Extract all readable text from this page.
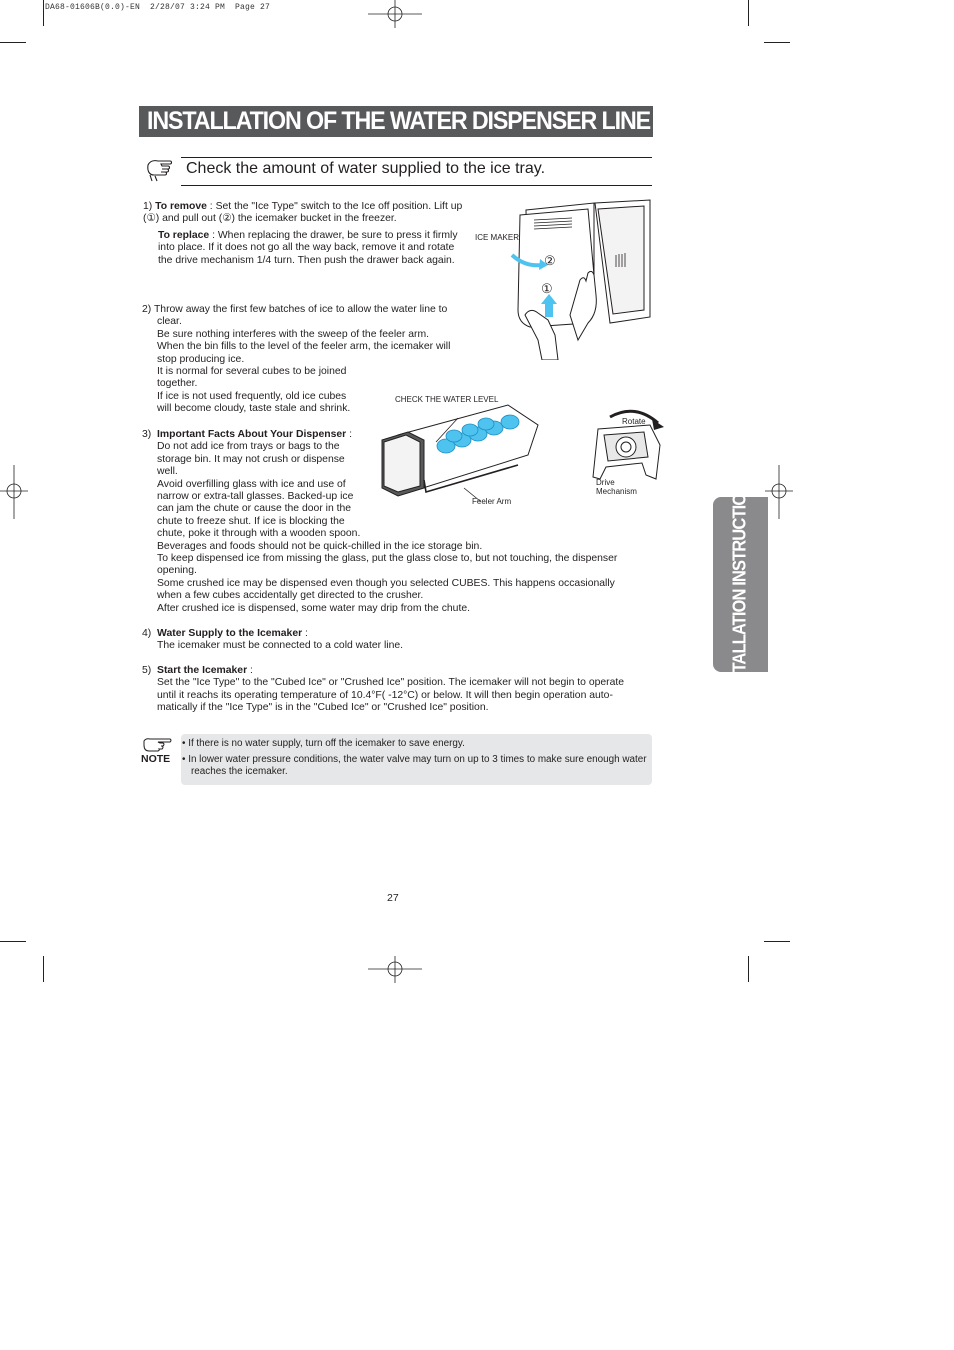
DA68-01606B(0.0)-EN  2/28/07 3:24 PM  Page 27
INSTALLATION OF THE WATER DISPENSER LINE
Check the amount of water supplied to the ice tray.

1) To remove : Set the "Ice Type" switch to the Ice off position. Lift up (①) and pull out (②) the icemaker bucket in the freezer.

To replace : When replacing the drawer, be sure to press it firmly into place. If it does not go all the way back, remove it and rotate the drive mechanism 1/4 turn. Then push the drawer back again.

2) Throw away the first few batches of ice to allow the water line to

clear.

Be sure nothing interferes with the sweep of the feeler arm.

When the bin fills to the level of the feeler arm, the icemaker will

stop producing ice.

It is normal for several cubes to be joined

together.

If ice is not used frequently, old ice cubes

will become cloudy, taste stale and shrink.

3) Important Facts About Your Dispenser :

Do not add ice from trays or bags to the

storage bin. It may not crush or dispense

well.

Avoid overfilling glass with ice and use of

narrow or extra-tall glasses. Backed-up ice

can jam the chute or cause the door in the

chute to freeze shut. If ice is blocking the

chute, poke it through with a wooden spoon.

Beverages and foods should not be quick-chilled in the ice storage bin.

To keep dispensed ice from missing the glass, put the glass close to, but not touching, the dispenser

opening.

Some crushed ice may be dispensed even though you selected CUBES. This happens occasionally

when a few cubes accidentally get directed to the crusher.

After crushed ice is dispensed, some water may drip from the chute.

4) Water Supply to the Icemaker :

The icemaker must be connected to a cold water line.

5) Start the Icemaker :

Set the "Ice Type" to the "Cubed Ice" or "Crushed Ice" position. The icemaker will not begin to operate

until it reachs its operating temperature of 10.4°F( -12°C) or below. It will then begin operation auto-

matically if the "Ice Type" is in the "Cubed Ice" or "Crushed Ice" position.

ICE MAKER
②
①
CHECK THE WATER LEVEL
Feeler Arm
Rotate
Drive
Mechanism	INSTALLATION INSTRUCTIONS
NOTE

• If there is no water supply, turn off the icemaker to save energy.

• In lower water pressure conditions, the water valve may turn on up to 3 times to make sure enough water reaches the icemaker.

27
